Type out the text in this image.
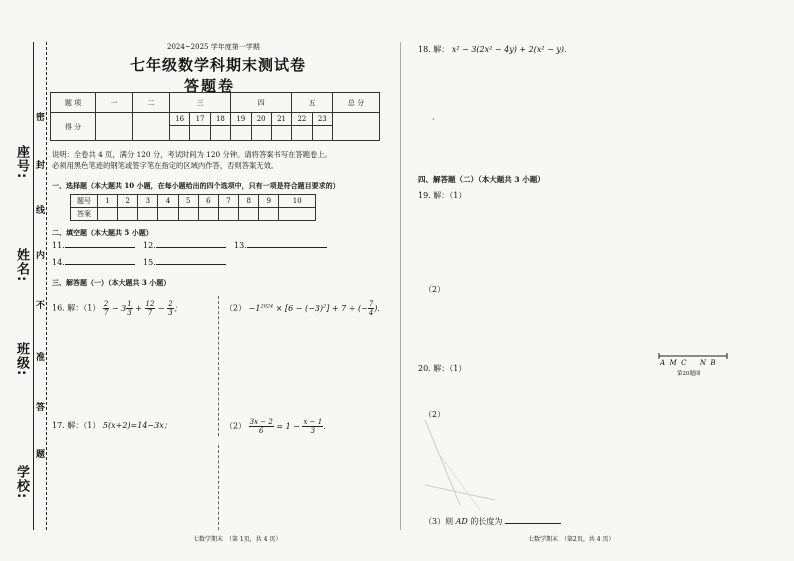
学校:
班级:
姓名:
座号:
密
封
线
内
不
准
答
题
2024~2025 学年度第一学期
七年级数学科期末测试卷
答题卷
题 项	一	二	三			四			五		总 分
得 分			16	17	18	19	20	21	22	23	

说明：全卷共 4 页，满分 120 分，考试时间为 120 分钟。请将答案书写在答题卷上。
必须用黑色笔迹的钢笔或签字笔在指定的区域内作答，否则答案无效。
一、选择题（本大题共 10 小题，在每小题给出的四个选项中，只有一项是符合题目要求的）
题号	1	2	3	4	5	6	7	8	9	10
答案										
二、填空题（本大题共 5 小题）
11.	12.	13.
14.	15.
三、解答题（一）（本大题共 3 小题）
16. 解：$(1) \frac{2}{7} - 3 \frac{1}{3} + \frac{12}{7} - \frac{2}{3}$ ；	$(2) -1^{2024} \times [6 - (-3)^2] + 7$ ÷ (− $\frac{7}{4}$ )．
17. 解：（1） 5(x+2)=14−3x；	$(2) \frac{3x - 2}{6} = 1 - \frac{x - 1}{3}$ ．
18. 解： x² − 3(2x² − 4y) + 2(x² − y)．
·
四、解答题（二）（本大题共 3 小题）
19. 解：（1）
（2）
20. 解：（1）
A  M  C      N  B
第20题图
（2）
（3）则 AD 的长度为
七数学期末　（第 1页，共 4 页）	七数学期末　（第2页，共 4 页）
